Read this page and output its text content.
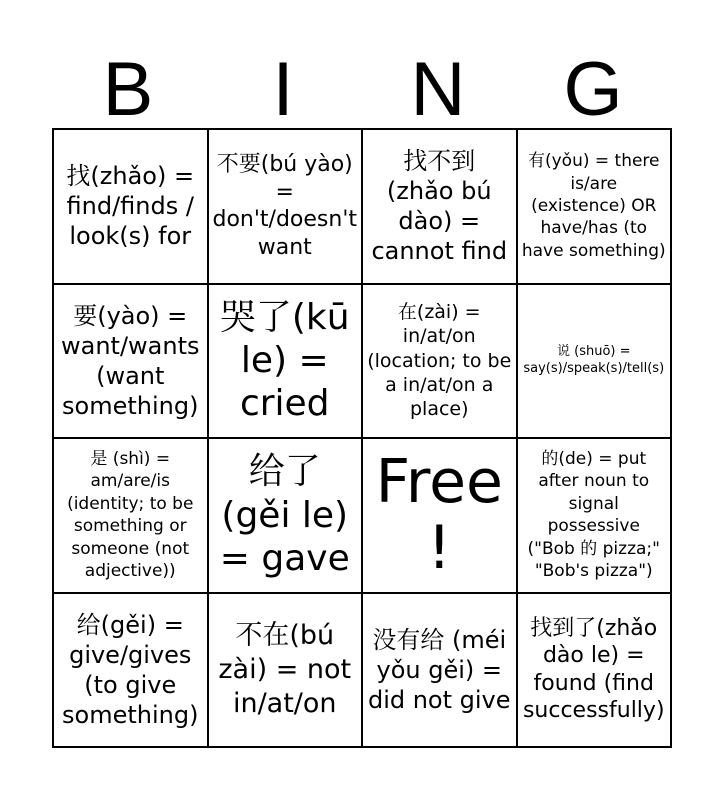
B	I	N	G
找(zhǎo) = find/finds / look(s) for
不要(bú yào) = don't/doesn't want
找不到 (zhǎo bú dào) = cannot find
有(yǒu) = there is/are (existence) OR have/has (to have something)
要(yào) = want/wants (want something)
哭了(kū le) = cried
在(zài) = in/at/on (location; to be a in/at/on a place)
说 (shuō) = say(s)/speak(s)/tell(s)
是 (shì) = am/are/is (identity; to be something or someone (not adjective))
给了 (gěi le) = gave
Free!
的(de) = put after noun to signal possessive ("Bob 的 pizza;" "Bob's pizza")
给(gěi) = give/gives (to give something)
不在(bú zài) = not in/at/on
没有给 (méi yǒu gěi) = did not give
找到了(zhǎo dào le) = found (find successfully)
